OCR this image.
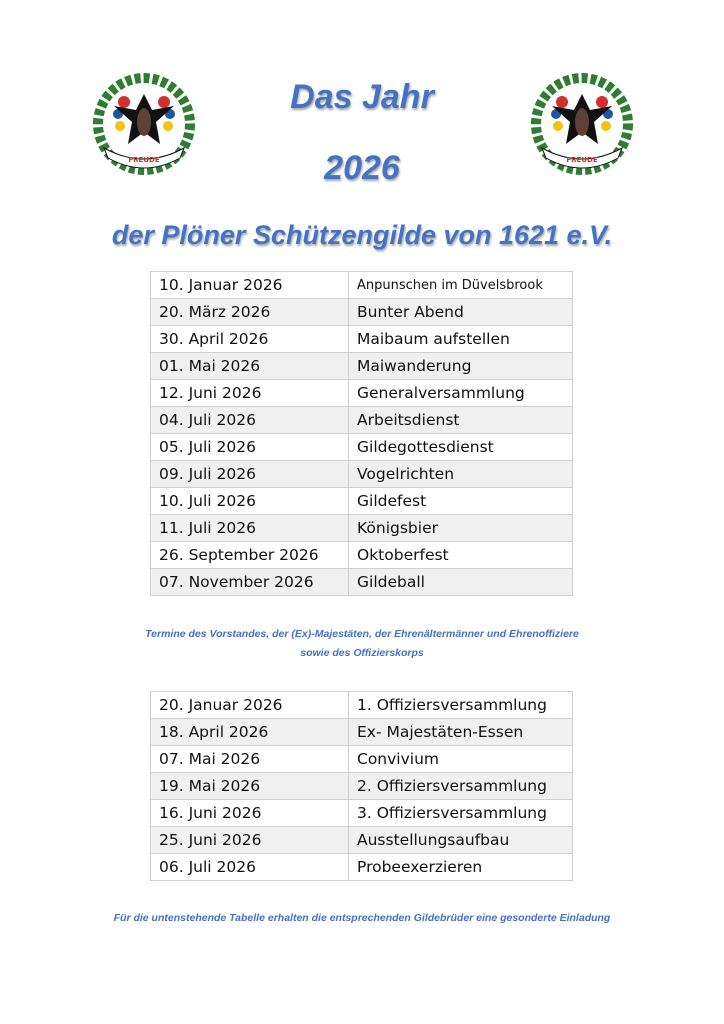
FREUDE	FREUDE
Das Jahr
2026
der Plöner Schützengilde von 1621 e.V.
10. Januar 2026	Anpunschen im Düvelsbrook
20. März 2026	Bunter Abend
30. April 2026	Maibaum aufstellen
01. Mai 2026	Maiwanderung
12. Juni 2026	Generalversammlung
04. Juli 2026	Arbeitsdienst
05. Juli 2026	Gildegottesdienst
09. Juli 2026	Vogelrichten
10. Juli 2026	Gildefest
11. Juli 2026	Königsbier
26. September 2026	Oktoberfest
07. November 2026	Gildeball
Termine des Vorstandes, der (Ex)-Majestäten, der Ehrenältermänner und Ehrenoffiziere
sowie des Offizierskorps
20. Januar 2026	1. Offiziersversammlung
18. April 2026	Ex- Majestäten-Essen
07. Mai 2026	Convivium
19. Mai 2026	2. Offiziersversammlung
16. Juni 2026	3. Offiziersversammlung
25. Juni 2026	Ausstellungsaufbau
06. Juli 2026	Probeexerzieren
Für die untenstehende Tabelle erhalten die entsprechenden Gildebrüder eine gesonderte Einladung
